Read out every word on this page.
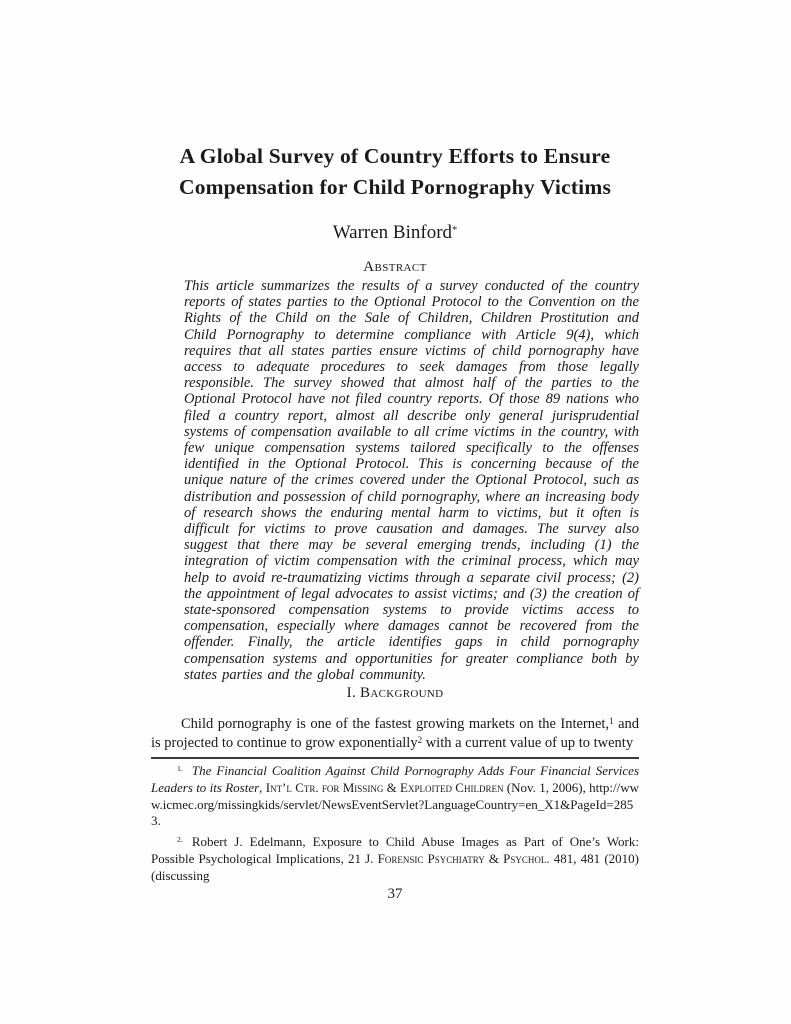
A Global Survey of Country Efforts to Ensure
Compensation for Child Pornography Victims
Warren Binford*
Abstract

This article summarizes the results of a survey conducted of the country reports of states parties to the Optional Protocol to the Convention on the Rights of the Child on the Sale of Children, Children Prostitution and Child Pornography to determine compliance with Article 9(4), which requires that all states parties ensure victims of child pornography have access to adequate procedures to seek damages from those legally responsible. The survey showed that almost half of the parties to the Optional Protocol have not filed country reports. Of those 89 nations who filed a country report, almost all describe only general jurisprudential systems of compensation available to all crime victims in the country, with few unique compensation systems tailored specifically to the offenses identified in the Optional Protocol. This is concerning because of the unique nature of the crimes covered under the Optional Protocol, such as distribution and possession of child pornography, where an increasing body of research shows the enduring mental harm to victims, but it often is difficult for victims to prove causation and damages. The survey also suggest that there may be several emerging trends, including (1) the integration of victim compensation with the criminal process, which may help to avoid re-traumatizing victims through a separate civil process; (2) the appointment of legal advocates to assist victims; and (3) the creation of state-sponsored compensation systems to provide victims access to compensation, especially where damages cannot be recovered from the offender. Finally, the article identifies gaps in child pornography compensation systems and opportunities for greater compliance both by states parties and the global community.

I. Background

Child pornography is one of the fastest growing markets on the Internet,$^1$ and is projected to continue to grow exponentially$^2$ with a current value of up to twenty

$^{1.}$ The Financial Coalition Against Child Pornography Adds Four Financial Services Leaders to its Roster, Int’l Ctr. for Missing & Exploited Children (Nov. 1, 2006), http://www.icmec.org/missingkids/servlet/NewsEventServlet?LanguageCountry=en_X1&PageId=2853.

$^{2.}$ Robert J. Edelmann, Exposure to Child Abuse Images as Part of One’s Work: Possible Psychological Implications, 21 J. Forensic Psychiatry & Psychol. 481, 481 (2010) (discussing

37
